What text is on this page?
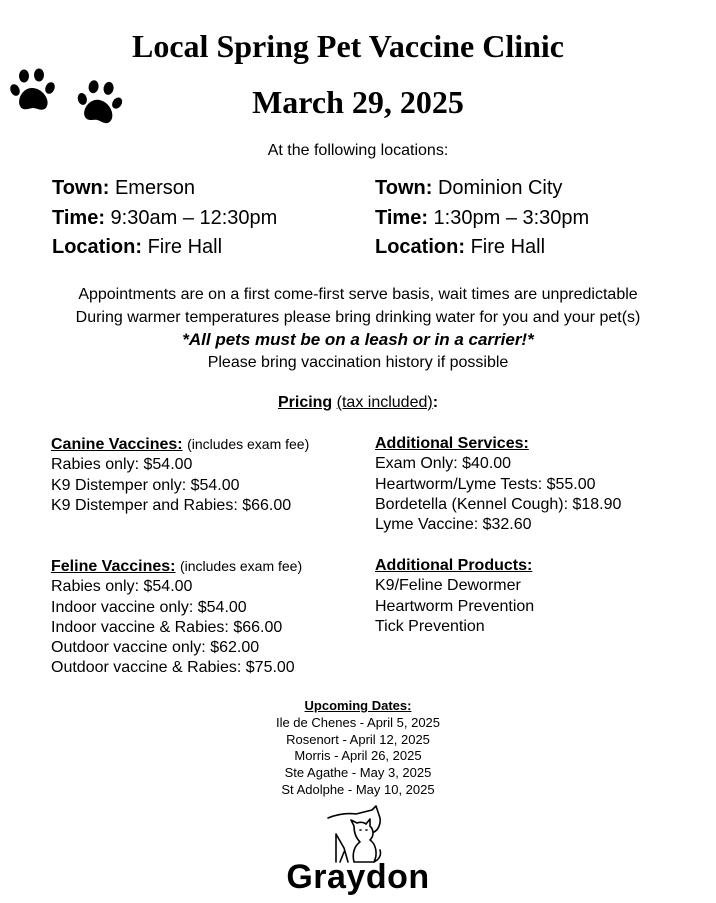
Local Spring Pet Vaccine Clinic
March 29, 2025
At the following locations:
Town: Emerson
Time: 9:30am – 12:30pm
Location: Fire Hall
Town: Dominion City
Time: 1:30pm – 3:30pm
Location: Fire Hall
Appointments are on a first come-first serve basis, wait times are unpredictable
During warmer temperatures please bring drinking water for you and your pet(s)
*All pets must be on a leash or in a carrier!*
Please bring vaccination history if possible
Pricing (tax included):
Canine Vaccines: (includes exam fee)
Rabies only: $54.00
K9 Distemper only: $54.00
K9 Distemper and Rabies: $66.00
Additional Services:
Exam Only: $40.00
Heartworm/Lyme Tests: $55.00
Bordetella (Kennel Cough): $18.90
Lyme Vaccine: $32.60
Feline Vaccines: (includes exam fee)
Rabies only: $54.00
Indoor vaccine only: $54.00
Indoor vaccine & Rabies: $66.00
Outdoor vaccine only: $62.00
Outdoor vaccine & Rabies: $75.00
Additional Products:
K9/Feline Dewormer
Heartworm Prevention
Tick Prevention
Upcoming Dates:
Ile de Chenes - April 5, 2025
Rosenort - April 12, 2025
Morris - April 26, 2025
Ste Agathe - May 3, 2025
St Adolphe - May 10, 2025
Graydon
